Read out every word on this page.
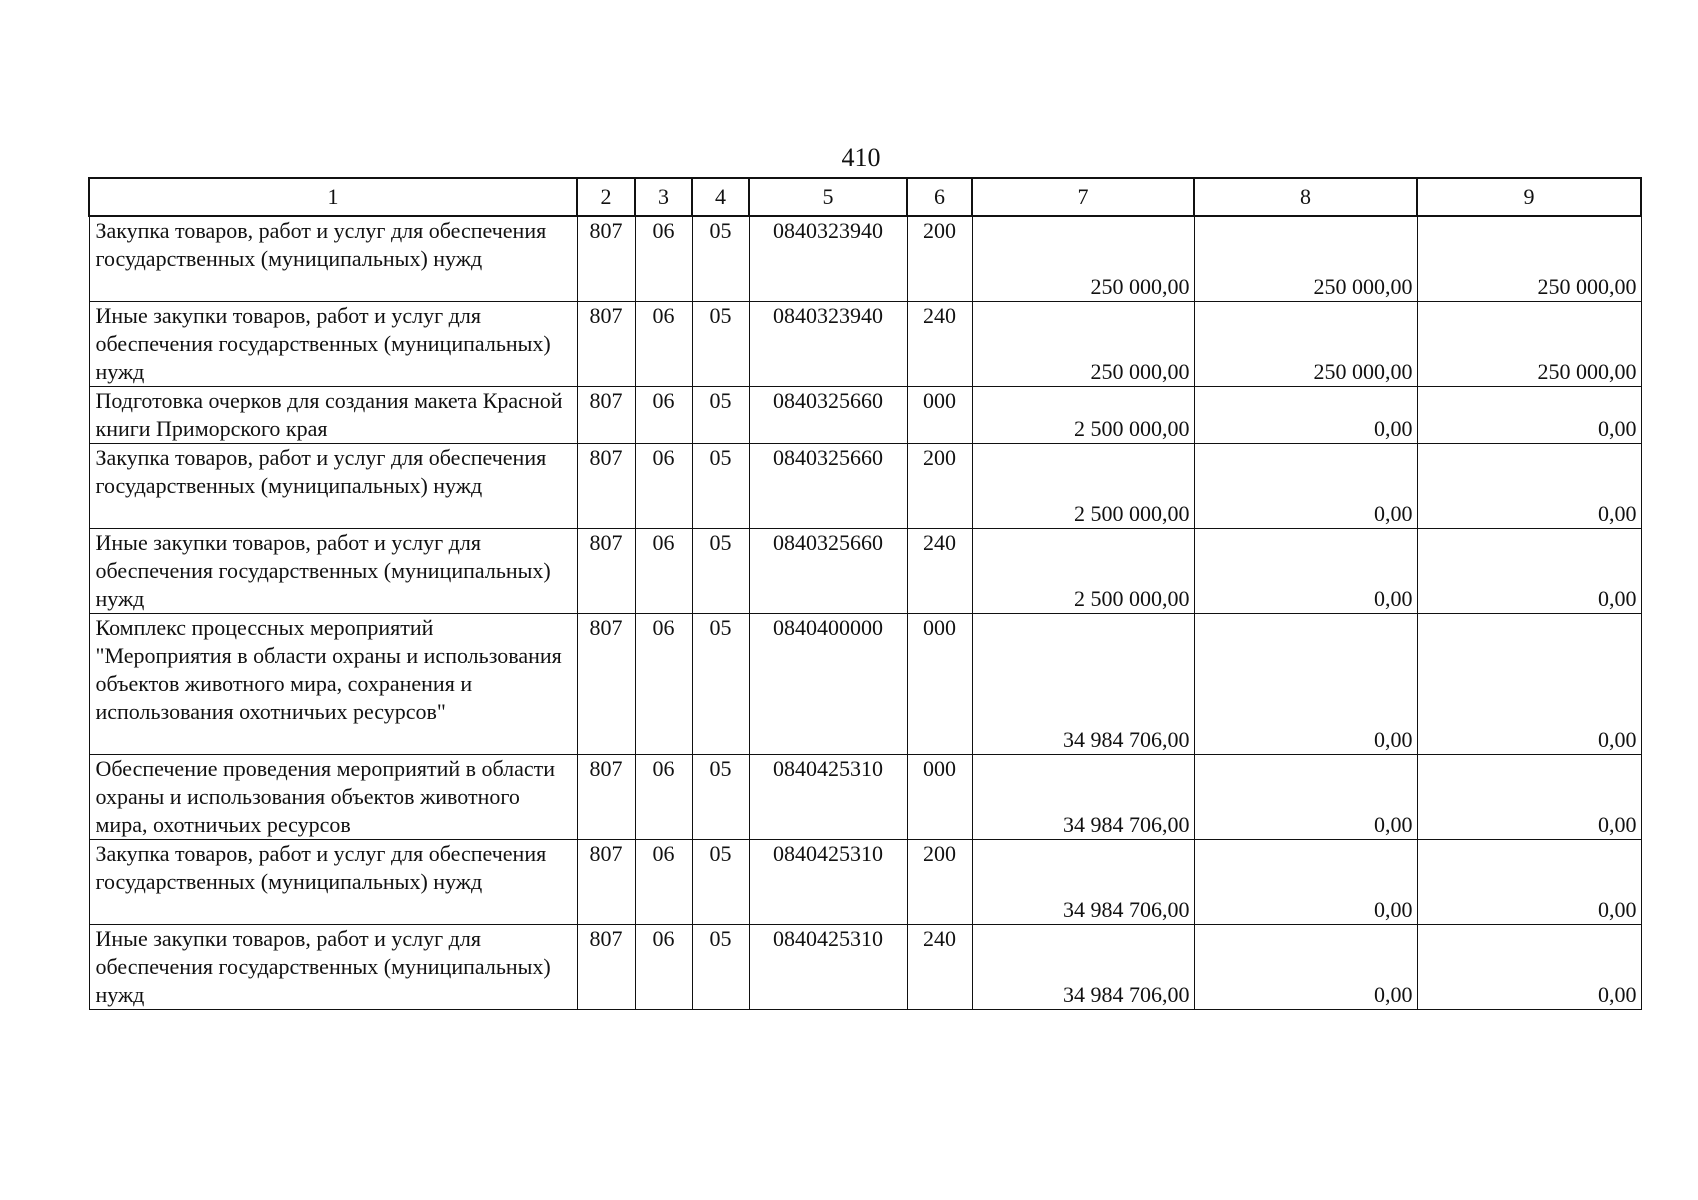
410
1	2	3	4	5	6	7	8	9
Закупка товаров, работ и услуг для обеспечения государственных (муниципальных) нужд	807	06	05	0840323940	200	250 000,00	250 000,00	250 000,00
Иные закупки товаров, работ и услуг для обеспечения государственных (муниципальных) нужд	807	06	05	0840323940	240	250 000,00	250 000,00	250 000,00
Подготовка очерков для создания макета Красной книги Приморского края	807	06	05	0840325660	000	2 500 000,00	0,00	0,00
Закупка товаров, работ и услуг для обеспечения государственных (муниципальных) нужд	807	06	05	0840325660	200	2 500 000,00	0,00	0,00
Иные закупки товаров, работ и услуг для обеспечения государственных (муниципальных) нужд	807	06	05	0840325660	240	2 500 000,00	0,00	0,00
Комплекс процессных мероприятий "Мероприятия в области охраны и использования объектов животного мира, сохранения и использования охотничьих ресурсов"	807	06	05	0840400000	000	34 984 706,00	0,00	0,00
Обеспечение проведения мероприятий в области охраны и использования объектов животного мира, охотничьих ресурсов	807	06	05	0840425310	000	34 984 706,00	0,00	0,00
Закупка товаров, работ и услуг для обеспечения государственных (муниципальных) нужд	807	06	05	0840425310	200	34 984 706,00	0,00	0,00
Иные закупки товаров, работ и услуг для обеспечения государственных (муниципальных) нужд	807	06	05	0840425310	240	34 984 706,00	0,00	0,00
